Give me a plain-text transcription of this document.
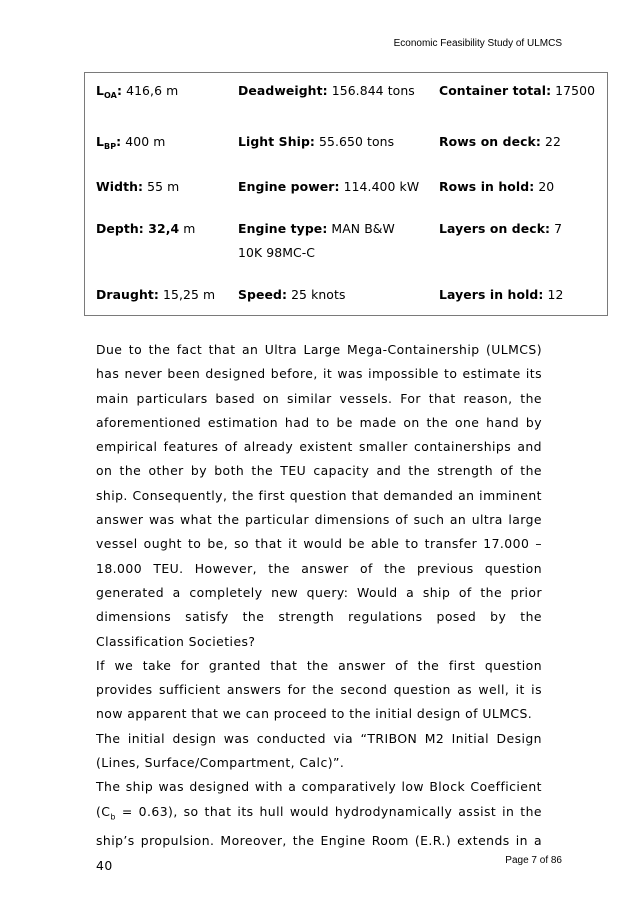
Economic Feasibility Study of ULMCS
$L_{OA}$: 416,6 m
$L_{BP}$: 400 m
Width: 55 m
Depth: 32,4 m
Draught: 15,25 m
Deadweight: 156.844 tons
Light Ship: 55.650 tons
Engine power: 114.400 kW
Engine type: MAN B&W
10K 98MC-C
Speed: 25 knots
Container total: 17500
Rows on deck: 22
Rows in hold: 20
Layers on deck: 7
Layers in hold: 12

Due to the fact that an Ultra Large Mega-Containership (ULMCS) has never been designed before, it was impossible to estimate its main particulars based on similar vessels. For that reason, the aforementioned estimation had to be made on the one hand by empirical features of already existent smaller containerships and on the other by both the TEU capacity and the strength of the ship. Consequently, the first question that demanded an imminent answer was what the particular dimensions of such an ultra large vessel ought to be, so that it would be able to transfer 17.000 – 18.000 TEU. However, the answer of the previous question generated a completely new query: Would a ship of the prior dimensions satisfy the strength regulations posed by the Classification Societies?

If we take for granted that the answer of the first question provides sufficient answers for the second question as well, it is now apparent that we can proceed to the initial design of ULMCS.

The initial design was conducted via “TRIBON M2 Initial Design (Lines, Surface/Compartment, Calc)”.

The ship was designed with a comparatively low Block Coefficient $(C_b = 0.63)$, so that its hull would hydrodynamically assist in the ship’s propulsion. Moreover, the Engine Room (E.R.) extends in a 40	Page 7 of 86
